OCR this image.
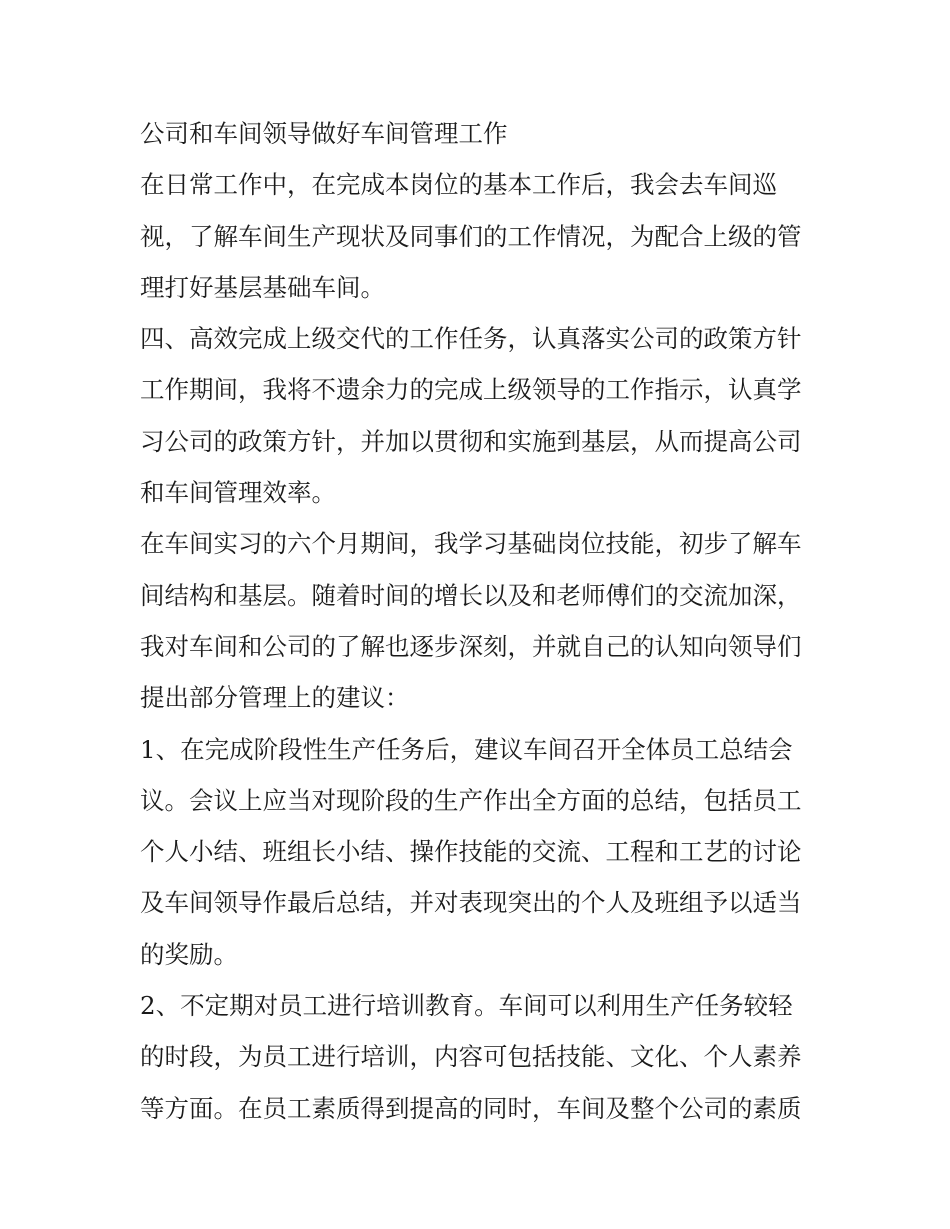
公司和车间领导做好车间管理工作
在日常工作中，在完成本岗位的基本工作后，我会去车间巡
视，了解车间生产现状及同事们的工作情况，为配合上级的管
理打好基层基础车间。
四、高效完成上级交代的工作任务，认真落实公司的政策方针
工作期间，我将不遗余力的完成上级领导的工作指示，认真学
习公司的政策方针，并加以贯彻和实施到基层，从而提高公司
和车间管理效率。
在车间实习的六个月期间，我学习基础岗位技能，初步了解车
间结构和基层。随着时间的增长以及和老师傅们的交流加深，
我对车间和公司的了解也逐步深刻，并就自己的认知向领导们
提出部分管理上的建议：
1、在完成阶段性生产任务后，建议车间召开全体员工总结会
议。会议上应当对现阶段的生产作出全方面的总结，包括员工
个人小结、班组长小结、操作技能的交流、工程和工艺的讨论
及车间领导作最后总结，并对表现突出的个人及班组予以适当
的奖励。
2、不定期对员工进行培训教育。车间可以利用生产任务较轻
的时段，为员工进行培训，内容可包括技能、文化、个人素养
等方面。在员工素质得到提高的同时，车间及整个公司的素质
